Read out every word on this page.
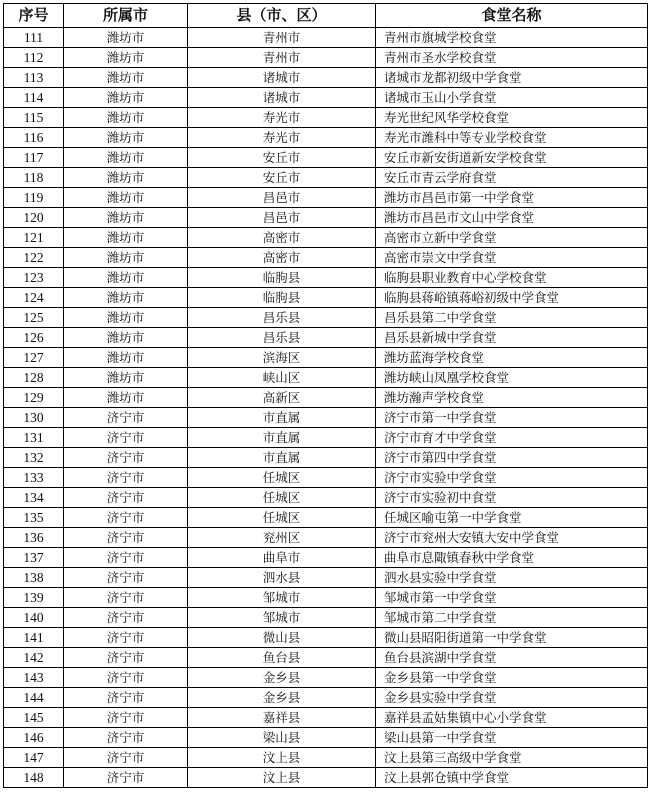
序号	所属市	县（市、区）	食堂名称
111	潍坊市	青州市	青州市旗城学校食堂
112	潍坊市	青州市	青州市圣水学校食堂
113	潍坊市	诸城市	诸城市龙都初级中学食堂
114	潍坊市	诸城市	诸城市玉山小学食堂
115	潍坊市	寿光市	寿光世纪风华学校食堂
116	潍坊市	寿光市	寿光市潍科中等专业学校食堂
117	潍坊市	安丘市	安丘市新安街道新安学校食堂
118	潍坊市	安丘市	安丘市青云学府食堂
119	潍坊市	昌邑市	潍坊市昌邑市第一中学食堂
120	潍坊市	昌邑市	潍坊市昌邑市文山中学食堂
121	潍坊市	高密市	高密市立新中学食堂
122	潍坊市	高密市	高密市崇文中学食堂
123	潍坊市	临朐县	临朐县职业教育中心学校食堂
124	潍坊市	临朐县	临朐县蒋峪镇蒋峪初级中学食堂
125	潍坊市	昌乐县	昌乐县第二中学食堂
126	潍坊市	昌乐县	昌乐县新城中学食堂
127	潍坊市	滨海区	潍坊蓝海学校食堂
128	潍坊市	峡山区	潍坊峡山凤凰学校食堂
129	潍坊市	高新区	潍坊瀚声学校食堂
130	济宁市	市直属	济宁市第一中学食堂
131	济宁市	市直属	济宁市育才中学食堂
132	济宁市	市直属	济宁市第四中学食堂
133	济宁市	任城区	济宁市实验中学食堂
134	济宁市	任城区	济宁市实验初中食堂
135	济宁市	任城区	任城区喻屯第一中学食堂
136	济宁市	兖州区	济宁市兖州大安镇大安中学食堂
137	济宁市	曲阜市	曲阜市息陬镇春秋中学食堂
138	济宁市	泗水县	泗水县实验中学食堂
139	济宁市	邹城市	邹城市第一中学食堂
140	济宁市	邹城市	邹城市第二中学食堂
141	济宁市	微山县	微山县昭阳街道第一中学食堂
142	济宁市	鱼台县	鱼台县滨湖中学食堂
143	济宁市	金乡县	金乡县第一中学食堂
144	济宁市	金乡县	金乡县实验中学食堂
145	济宁市	嘉祥县	嘉祥县孟姑集镇中心小学食堂
146	济宁市	梁山县	梁山县第一中学食堂
147	济宁市	汶上县	汶上县第三高级中学食堂
148	济宁市	汶上县	汶上县郭仓镇中学食堂
